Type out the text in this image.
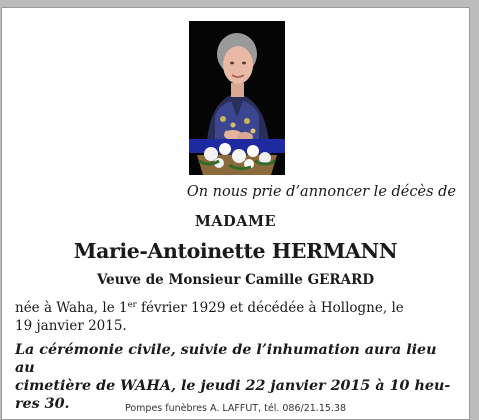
On nous prie d’annoncer le décès de
MADAME
Marie-Antoinette HERMANN
Veuve de Monsieur Camille GERARD
née à Waha, le 1er février 1929 et décédée à Hollogne, le
19 janvier 2015.
La cérémonie civile, suivie de l’inhumation aura lieu au
cimetière de WAHA, le jeudi 22 janvier 2015 à 10 heu-
res 30.	Pompes funèbres A. LAFFUT, tél. 086/21.15.38
